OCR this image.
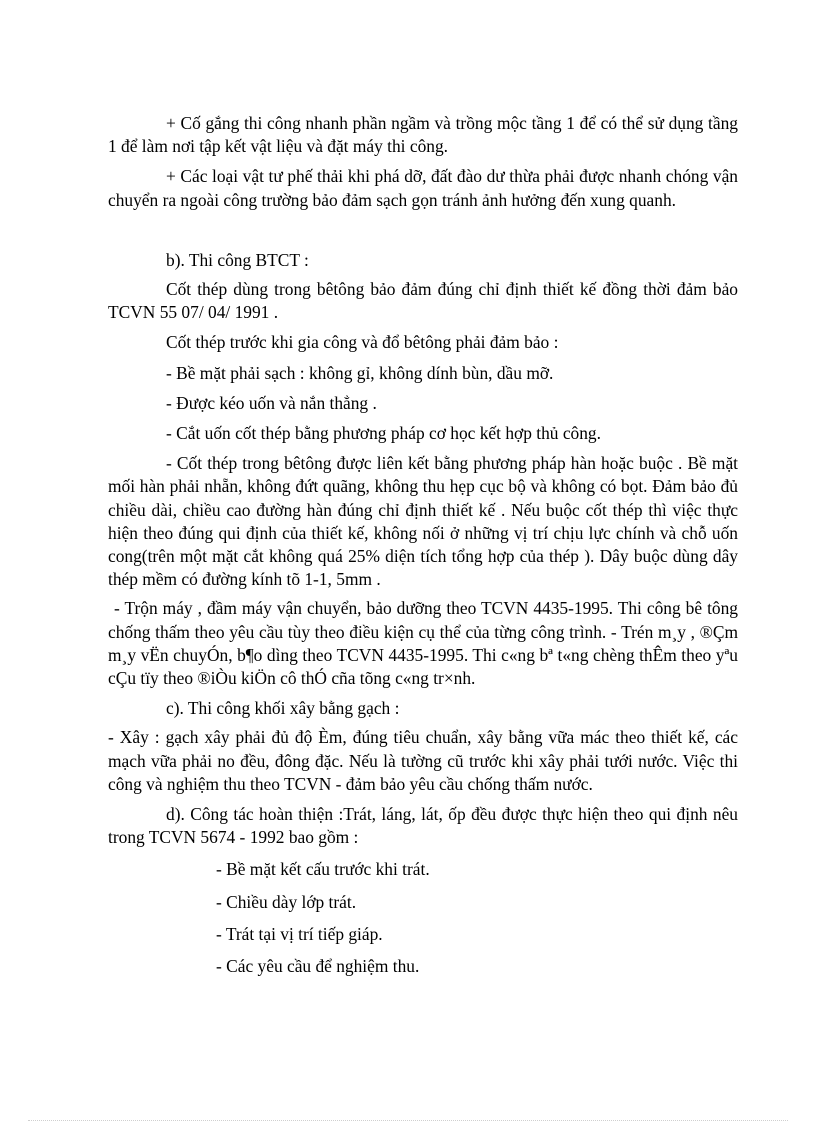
+ Cố gắng thi công nhanh phần ngầm và trồng mộc tầng 1 để có thể sử dụng tầng 1 để làm nơi tập kết vật liệu và đặt máy thi công.

+ Các loại vật tư phế thải khi phá dỡ, đất đào dư thừa phải được nhanh chóng vận chuyển ra ngoài công trường bảo đảm sạch gọn tránh ảnh hưởng đến xung quanh.

b). Thi công BTCT :

Cốt thép dùng trong bêtông bảo đảm đúng chỉ định thiết kế đồng thời đảm bảo TCVN 55 07/ 04/ 1991 .

Cốt thép trước khi gia công và đổ bêtông phải đảm bảo :

- Bề mặt phải sạch : không gỉ, không dính bùn, dầu mỡ.

- Được kéo uốn và nắn thẳng .

- Cắt uốn cốt thép bằng phương pháp cơ học kết hợp thủ công.

- Cốt thép trong bêtông được liên kết bằng phương pháp hàn hoặc buộc . Bề mặt mối hàn phải nhẵn, không đứt quãng, không thu hẹp cục bộ và không có bọt. Đảm bảo đủ chiều dài, chiều cao đường hàn đúng chỉ định thiết kế . Nếu buộc cốt thép thì việc thực hiện theo đúng qui định của thiết kế, không nối ở những vị trí chịu lực chính và chỗ uốn cong(trên một mặt cắt không quá 25% diện tích tổng hợp của thép ). Dây buộc dùng dây thép mềm có đường kính tõ 1-1, 5mm .

- Trộn máy , đầm máy vận chuyển, bảo dưỡng theo TCVN 4435-1995. Thi công bê tông chống thấm theo yêu cầu tùy theo điều kiện cụ thể của từng công trình. - Trén m¸y , ®Çm m¸y vËn chuyÓn, b¶o dìng theo TCVN 4435-1995. Thi c«ng bª t«ng chèng thÊm theo yªu cÇu tïy theo ®iÒu kiÖn cô thÓ cña tõng c«ng tr×nh.

c). Thi công khối xây bằng gạch :

- Xây : gạch xây phải đủ độ Èm, đúng tiêu chuẩn, xây bằng vữa mác theo thiết kế, các mạch vữa phải no đều, đông đặc. Nếu là tường cũ trước khi xây phải tưới nước. Việc thi công và nghiệm thu theo TCVN - đảm bảo yêu cầu chống thấm nước.

d). Công tác hoàn thiện :Trát, láng, lát, ốp đều được thực hiện theo qui định nêu trong TCVN 5674 - 1992 bao gồm :

- Bề mặt kết cấu trước khi trát.

- Chiều dày lớp trát.

- Trát tại vị trí tiếp giáp.

- Các yêu cầu để nghiệm thu.
